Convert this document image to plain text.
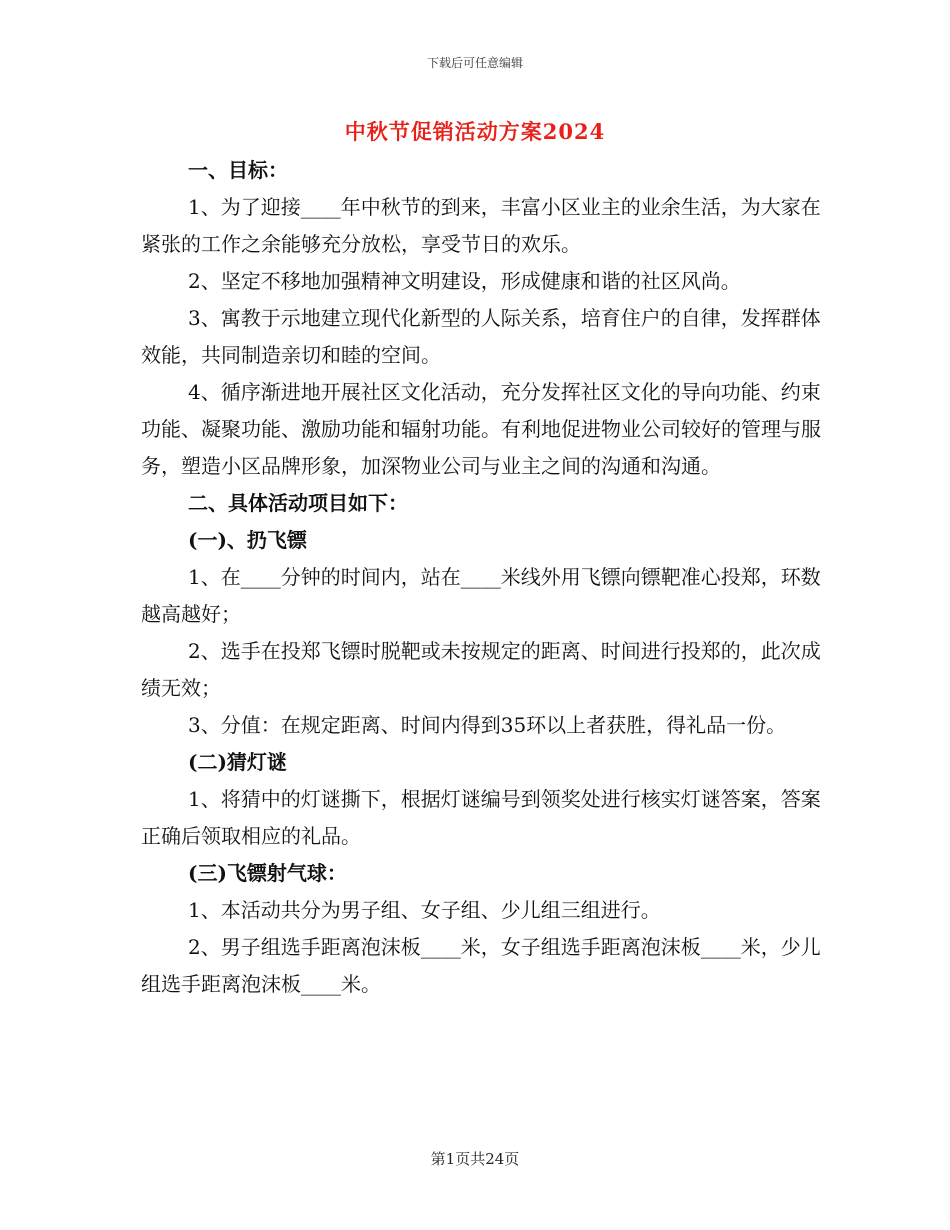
下载后可任意编辑
中秋节促销活动方案2024

一、目标：

1、为了迎接____年中秋节的到来，丰富小区业主的业余生活，为大家在紧张的工作之余能够充分放松，享受节日的欢乐。

2、坚定不移地加强精神文明建设，形成健康和谐的社区风尚。

3、寓教于示地建立现代化新型的人际关系，培育住户的自律，发挥群体效能，共同制造亲切和睦的空间。

4、循序渐进地开展社区文化活动，充分发挥社区文化的导向功能、约束功能、凝聚功能、激励功能和辐射功能。有利地促进物业公司较好的管理与服务，塑造小区品牌形象，加深物业公司与业主之间的沟通和沟通。

二、具体活动项目如下：

(一)、扔飞镖

1、在____分钟的时间内，站在____米线外用飞镖向镖靶准心投郑，环数越高越好；

2、选手在投郑飞镖时脱靶或未按规定的距离、时间进行投郑的，此次成绩无效；

3、分值：在规定距离、时间内得到35环以上者获胜，得礼品一份。

(二)猜灯谜

1、将猜中的灯谜撕下，根据灯谜编号到领奖处进行核实灯谜答案，答案正确后领取相应的礼品。

(三)飞镖射气球：

1、本活动共分为男子组、女子组、少儿组三组进行。

2、男子组选手距离泡沫板____米，女子组选手距离泡沫板____米，少儿组选手距离泡沫板____米。

第1页共24页
